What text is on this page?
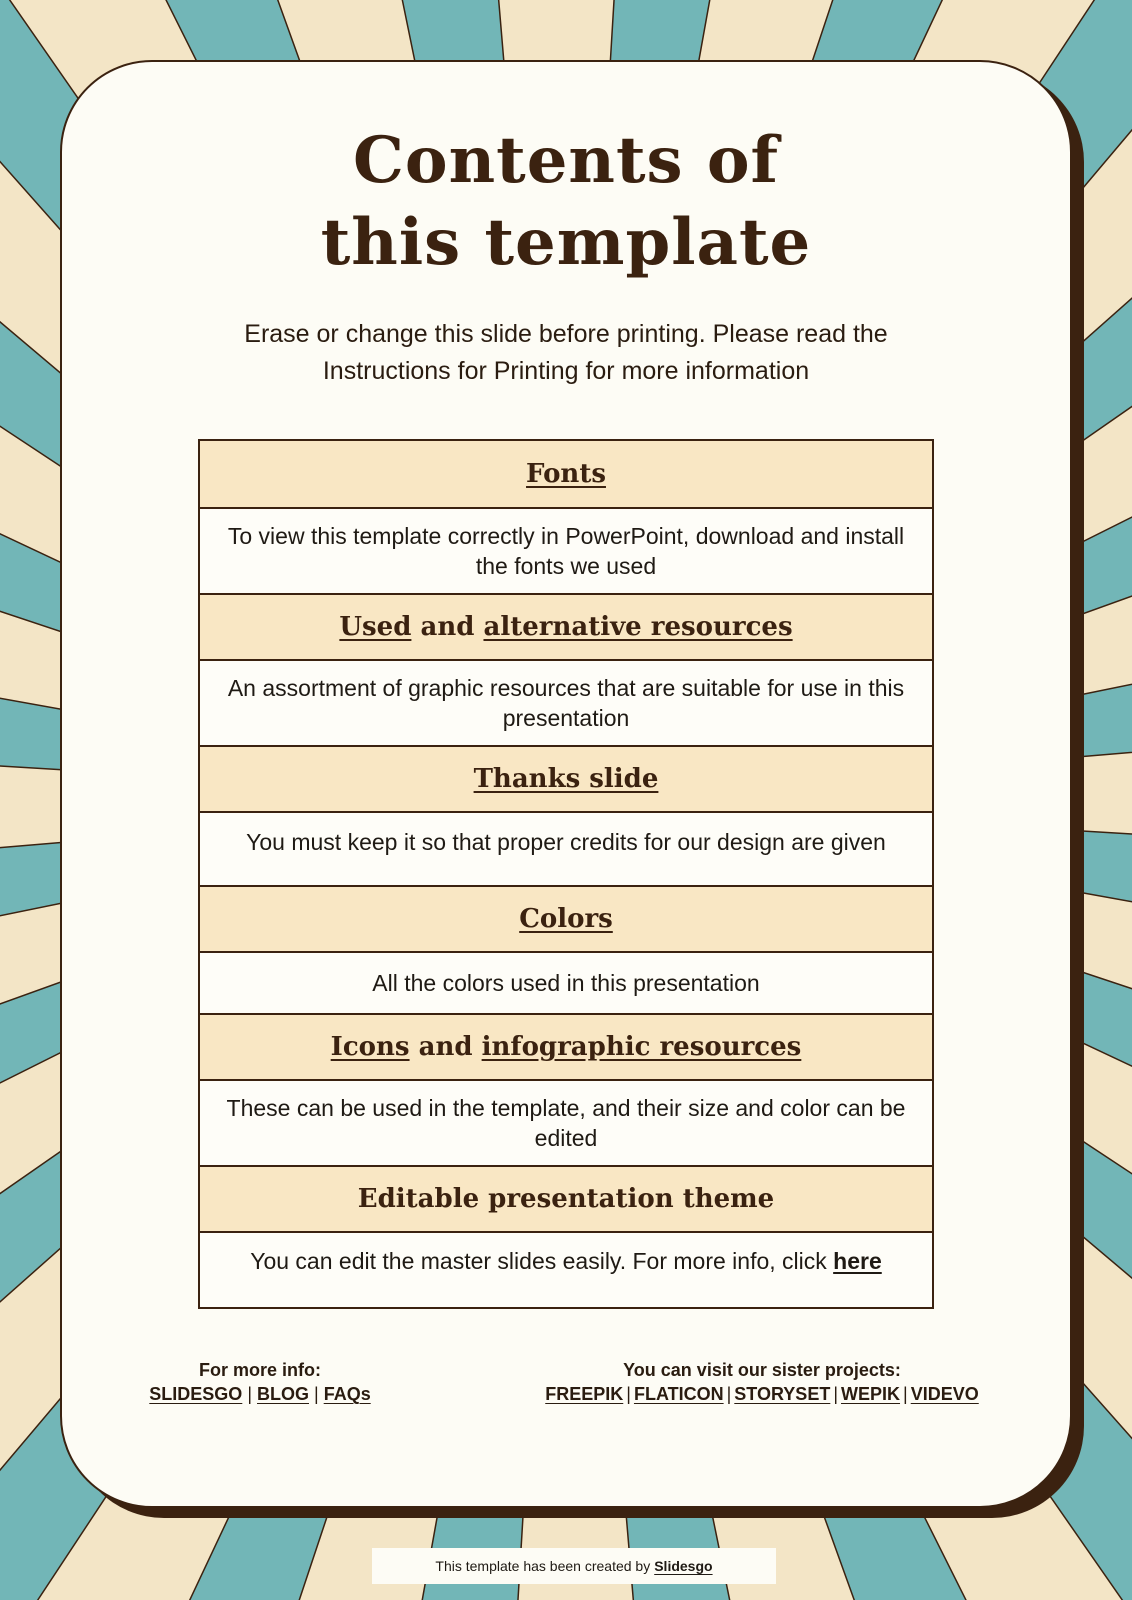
Contents of
this template

Erase or change this slide before printing. Please read the Instructions for Printing for more information

Fonts
To view this template correctly in PowerPoint, download and install the fonts we used
Used and alternative resources
An assortment of graphic resources that are suitable for use in this presentation
Thanks slide
You must keep it so that proper credits for our design are given
Colors
All the colors used in this presentation
Icons and infographic resources
These can be used in the template, and their size and color can be edited
Editable presentation theme
You can edit the master slides easily. For more info, click here
For more info:
SLIDESGO | BLOG | FAQs
You can visit our sister projects:
FREEPIK | FLATICON | STORYSET | WEPIK | VIDEVO
This template has been created by Slidesgo
